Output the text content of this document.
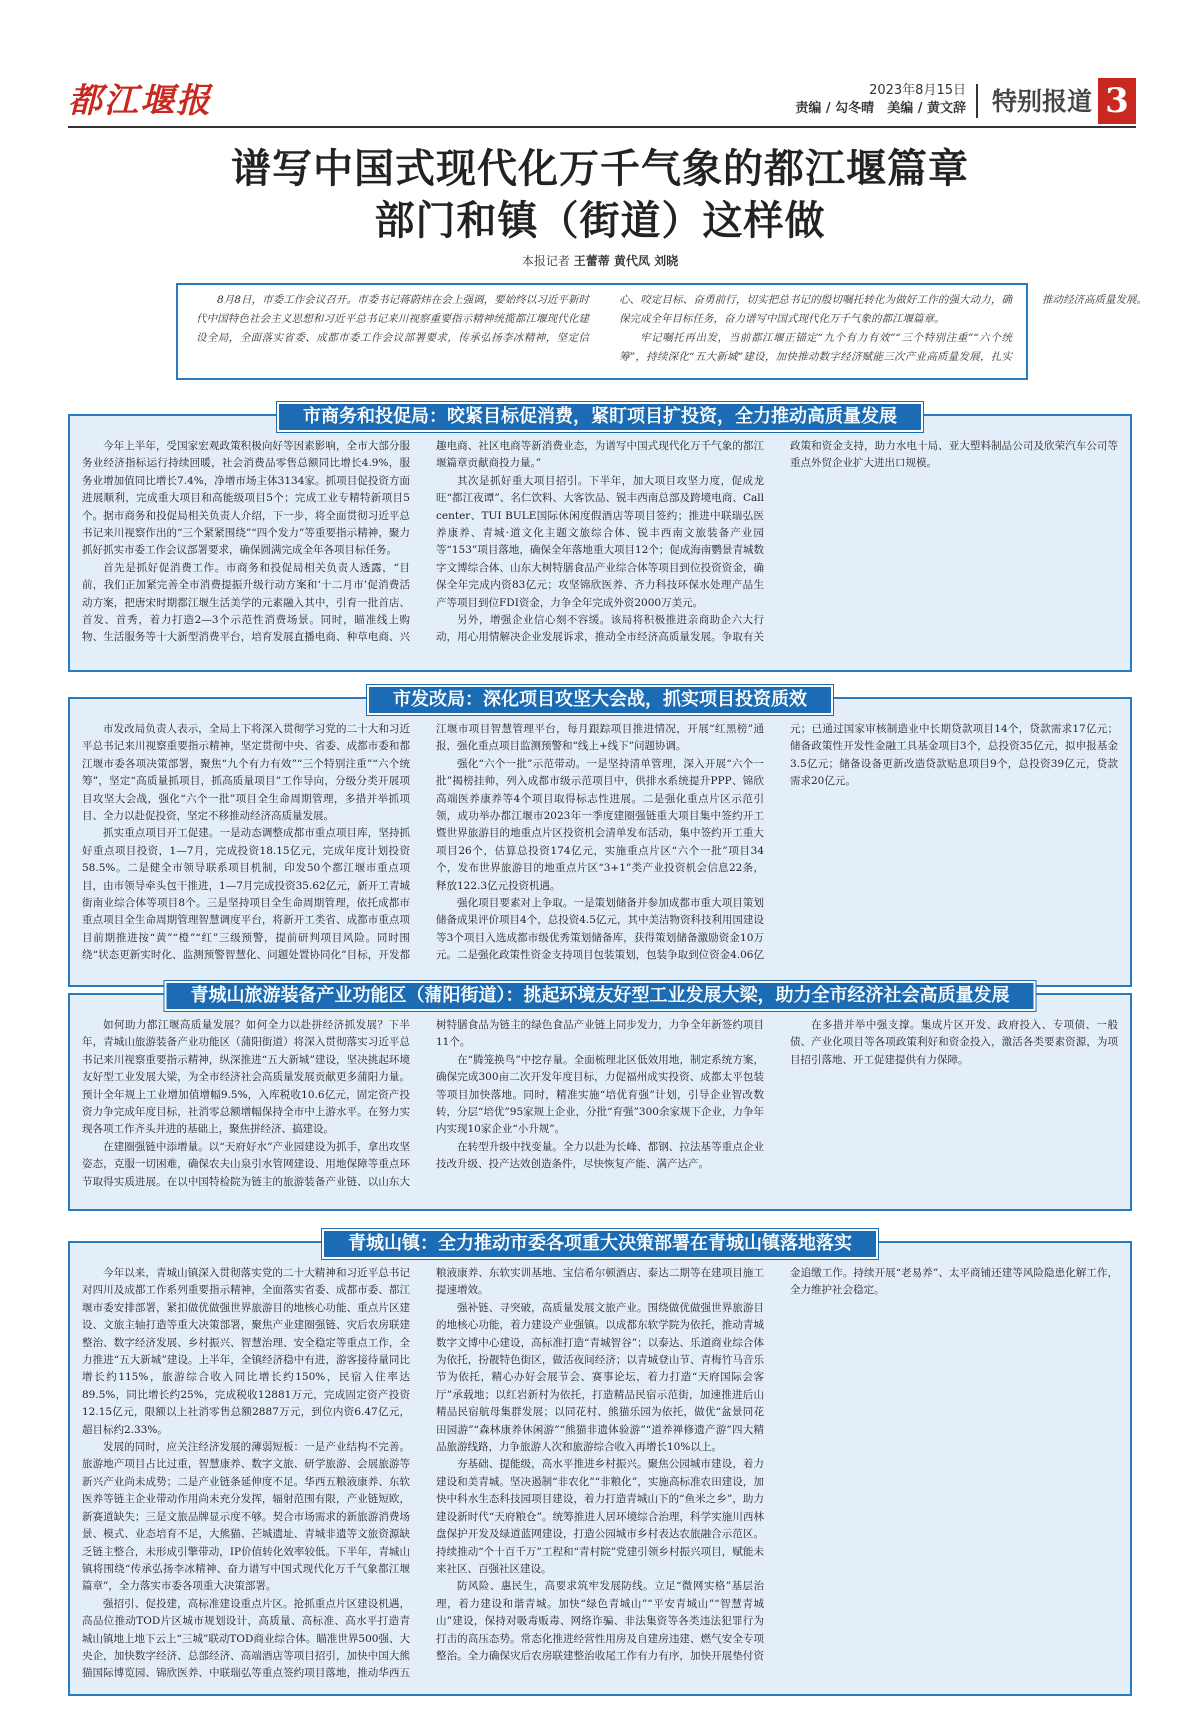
都江堰报	2023年8月15日
责编 / 勾冬晴　 美编 / 黄文辞 特别报道 3
谱写中国式现代化万千气象的都江堰篇章
部门和镇（街道）这样做
本报记者 王蕾蒂 黄代凤 刘晓

8月8日，市委工作会议召开。市委书记蒋蔚炜在会上强调，要始终以习近平新时代中国特色社会主义思想和习近平总书记来川视察重要指示精神统揽都江堰现代化建设全局，全面落实省委、成都市委工作会议部署要求，传承弘扬李冰精神，坚定信心、咬定目标、奋勇前行，切实把总书记的殷切嘱托转化为做好工作的强大动力，确保完成全年目标任务，奋力谱写中国式现代化万千气象的都江堰篇章。

牢记嘱托再出发，当前都江堰正锚定“九个有力有效”“三个特别注重”“六个统筹”，持续深化“五大新城”建设，加快推动数字经济赋能三次产业高质量发展，扎实推动经济高质量发展。

市商务和投促局：咬紧目标促消费，紧盯项目扩投资，全力推动高质量发展

今年上半年，受国家宏观政策积极向好等因素影响，全市大部分服务业经济指标运行持续回暖，社会消费品零售总额同比增长4.9%，服务业增加值同比增长7.4%，净增市场主体3134家。抓项目促投资方面进展顺利，完成重大项目和高能级项目5个；完成工业专精特新项目5个。据市商务和投促局相关负责人介绍，下一步，将全面贯彻习近平总书记来川视察作出的“三个紧紧围绕”“四个发力”等重要指示精神，聚力抓好抓实市委工作会议部署要求，确保圆满完成全年各项目标任务。

首先是抓好促消费工作。市商务和投促局相关负责人透露，“目前，我们正加紧完善全市消费提振升级行动方案和‘十二月市’促消费活动方案，把唐宋时期都江堰生活美学的元素融入其中，引育一批首店、首发、首秀，着力打造2—3个示范性消费场景。同时，瞄准线上购物、生活服务等十大新型消费平台，培育发展直播电商、种草电商、兴趣电商、社区电商等新消费业态，为谱写中国式现代化万千气象的都江堰篇章贡献商投力量。”

其次是抓好重大项目招引。下半年，加大项目攻坚力度，促成龙旺“都江夜谭”、名仁饮料、大客饮品、锐丰西南总部及跨境电商、Call center、TUI BULE国际休闲度假酒店等项目签约；推进中联瑞弘医养康养、青城·道文化主题文旅综合体、锐丰西南文旅装备产业园等“153”项目落地，确保全年落地重大项目12个；促成海南鹦景青城数字文博综合体、山东大树特膳食品产业综合体等项目到位投资资金，确保全年完成内资83亿元；攻坚锦欣医养、齐力科技环保水处理产品生产等项目到位FDI资金，力争全年完成外资2000万美元。

另外，增强企业信心刻不容缓。该局将积极推进亲商助企六大行动，用心用情解决企业发展诉求，推动全市经济高质量发展。争取有关政策和资金支持，助力水电十局、亚大塑料制品公司及欣荣汽车公司等重点外贸企业扩大进出口规模。

市发改局：深化项目攻坚大会战，抓实项目投资质效

市发改局负责人表示，全局上下将深入贯彻学习党的二十大和习近平总书记来川视察重要指示精神，坚定贯彻中央、省委、成都市委和都江堰市委各项决策部署，聚焦“九个有力有效”“三个特别注重”“六个统筹”，坚定“高质量抓项目，抓高质量项目”工作导向，分级分类开展项目攻坚大会战，强化“六个一批”项目全生命周期管理，多措并举抓项目、全力以赴促投资，坚定不移推动经济高质量发展。

抓实重点项目开工促建。一是动态调整成都市重点项目库，坚持抓好重点项目投资，1—7月，完成投资18.15亿元，完成年度计划投资58.5%。二是健全市领导联系项目机制，印发50个都江堰市重点项目，由市领导牵头包干推进，1—7月完成投资35.62亿元，新开工青城街南业综合体等项目8个。三是坚持项目全生命周期管理，依托成都市重点项目全生命周期管理智慧调度平台，将新开工类省、成都市重点项目前期推进按“黄”“橙”“红”三级预警，提前研判项目风险。同时围绕“状态更新实时化、监测预警智慧化、问题处置协同化”目标，开发都江堰市项目智慧管理平台，每月跟踪项目推进情况，开展“红黑榜”通报，强化重点项目监测预警和“线上+线下”问题协调。

强化“六个一批”示范带动。一是坚持清单管理，深入开展“六个一批”揭榜挂帅，列入成都市级示范项目中，供排水系统提升PPP、锦欣高端医养康养等4个项目取得标志性进展。二是强化重点片区示范引领，成功举办都江堰市2023年一季度建圈强链重大项目集中签约开工暨世界旅游目的地重点片区投资机会清单发布活动，集中签约开工重大项目26个，估算总投资174亿元，实施重点片区“六个一批”项目34个，发布世界旅游目的地重点片区“3+1”类产业投资机会信息22条，释放122.3亿元投资机遇。

强化项目要素对上争取。一是策划储备并参加成都市重大项目策划储备成果评价项目4个，总投资4.5亿元，其中美洁物资科技利用国建设等3个项目入选成都市级优秀策划储备库，获得策划储备激励资金10万元。二是强化政策性资金支持项目包装策划，包装争取到位资金4.06亿元；已通过国家审核制造业中长期贷款项目14个，贷款需求17亿元；储备政策性开发性金融工具基金项目3个，总投资35亿元，拟申报基金3.5亿元；储备设备更新改造贷款贴息项目9个，总投资39亿元，贷款需求20亿元。

青城山旅游装备产业功能区（蒲阳街道）：挑起环境友好型工业发展大梁，助力全市经济社会高质量发展

如何助力都江堰高质量发展？如何全力以赴拼经济抓发展？下半年，青城山旅游装备产业功能区（蒲阳街道）将深入贯彻落实习近平总书记来川视察重要指示精神，纵深推进“五大新城”建设，坚决挑起环境友好型工业发展大梁，为全市经济社会高质量发展贡献更多蒲阳力量。预计全年规上工业增加值增幅9.5%，入库税收10.6亿元，固定资产投资力争完成年度目标，社消零总额增幅保持全市中上游水平。在努力实现各项工作齐头并进的基础上，聚焦拼经济、搞建设。

在建圈强链中添增量。以“天府好水”产业园建设为抓手，拿出攻坚姿态，克服一切困难，确保农夫山泉引水管网建设、用地保障等重点环节取得实质进展。在以中国特检院为链主的旅游装备产业链、以山东大树特膳食品为链主的绿色食品产业链上同步发力，力争全年新签约项目11个。

在“腾笼换鸟”中挖存量。全面梳理北区低效用地，制定系统方案，确保完成300亩二次开发年度目标，力促福州成实投资、成都太平包装等项目加快落地。同时，精准实施“培优育强”计划，引导企业智改数转，分层“培优”95家规上企业，分批“育强”300余家规下企业，力争年内实现10家企业“小升规”。

在转型升级中找变量。全力以赴为长峰、都钢、拉法基等重点企业技改升级、投产达效创造条件，尽快恢复产能、满产达产。

在多措并举中强支撑。集成片区开发、政府投入、专项债、一般债、产业化项目等各项政策利好和资金投入，激活各类要素资源，为项目招引落地、开工促建提供有力保障。

青城山镇：全力推动市委各项重大决策部署在青城山镇落地落实

今年以来，青城山镇深入贯彻落实党的二十大精神和习近平总书记对四川及成都工作系列重要指示精神，全面落实省委、成都市委、都江堰市委安排部署，紧扣做优做强世界旅游目的地核心功能、重点片区建设、文旅主轴打造等重大决策部署，聚焦产业建圈强链、灾后农房联建整治、数字经济发展、乡村振兴、智慧治理、安全稳定等重点工作，全力推进“五大新城”建设。上半年，全镇经济稳中有进，游客接待量同比增长约115%，旅游综合收入同比增长约150%，民宿入住率达89.5%，同比增长约25%，完成税收12881万元，完成固定资产投资12.15亿元，限额以上社消零售总额2887万元，到位内资6.47亿元，超目标约2.33%。

发展的同时，应关注经济发展的薄弱短板：一是产业结构不完善。旅游地产项目占比过重，智慧康养、数字文旅、研学旅游、会展旅游等新兴产业尚未成势；二是产业链条延伸度不足。华西五粮液康养、东软医养等链主企业带动作用尚未充分发挥，辐射范围有限，产业链短欧，新赛道缺失；三是文旅品牌显示度不够。契合市场需求的新旅游消费场景、模式、业态培育不足，大熊猫、芒城遗址、青城非遗等文旅资源缺乏链主整合，未形成引擎带动，IP价值转化效率较低。下半年，青城山镇将围绕“传承弘扬李冰精神、奋力谱写中国式现代化万千气象都江堰篇章”，全力落实市委各项重大决策部署。

强招引、促投建，高标准建设重点片区。抢抓重点片区建设机遇，高品位推动TOD片区城市规划设计，高质量、高标准、高水平打造青城山镇地上地下云上“三城”联动TOD商业综合体。瞄准世界500强、大央企，加快数字经济、总部经济、高端酒店等项目招引，加快中国大熊猫国际博览园、锦欣医养、中联瑞弘等重点签约项目落地，推动华西五粮液康养、东软实训基地、宝信希尔顿酒店、泰达二期等在建项目施工提速增效。

强补链、寻突破，高质量发展文旅产业。围绕做优做强世界旅游目的地核心功能，着力建设产业强镇。以成都东软学院为依托，推动青城数字文博中心建设，高标准打造“青城智谷”；以泰达、乐道商业综合体为依托，扮靓特色街区，做活夜间经济；以青城登山节、青梅竹马音乐节为依托，精心办好会展节会、赛事论坛，着力打造“天府国际会客厅”承载地；以红岩新村为依托，打造精品民宿示范街，加速推进后山精品民宿航母集群发展；以同花村、熊猫乐园为依托，做优“盆景同花田园游”“森林康养休闲游”“熊猫非遗体验游”“道养禅修遗产游”四大精品旅游线路，力争旅游人次和旅游综合收入再增长10%以上。

夯基础、提能级，高水平推进乡村振兴。聚焦公园城市建设，着力建设和美青城。坚决遏制“非农化”“非粮化”，实施高标准农田建设，加快中科水生态科技园项目建设，着力打造青城山下的“鱼米之乡”，助力建设新时代“天府粮仓”。统筹推进人居环境综合治理，科学实施川西林盘保护开发及绿道蓝网建设，打造公园城市乡村表达农旅融合示范区。持续推动“个十百千万”工程和“青村院”党建引领乡村振兴项目，赋能未来社区、百强社区建设。

防风险、惠民生，高要求筑牢发展防线。立足“微网实格”基层治理，着力建设和谐青城。加快“绿色青城山”“平安青城山”“智慧青城山”建设，保持对吸毒贩毒、网络诈骗、非法集资等各类违法犯罪行为打击的高压态势。常态化推进经营性用房及自建房违建、燃气安全专项整治。全力确保灾后农房联建整治收尾工作有力有序，加快开展垫付资金追缴工作。持续开展“老易养”、太平商铺还建等风险隐患化解工作，全力维护社会稳定。
